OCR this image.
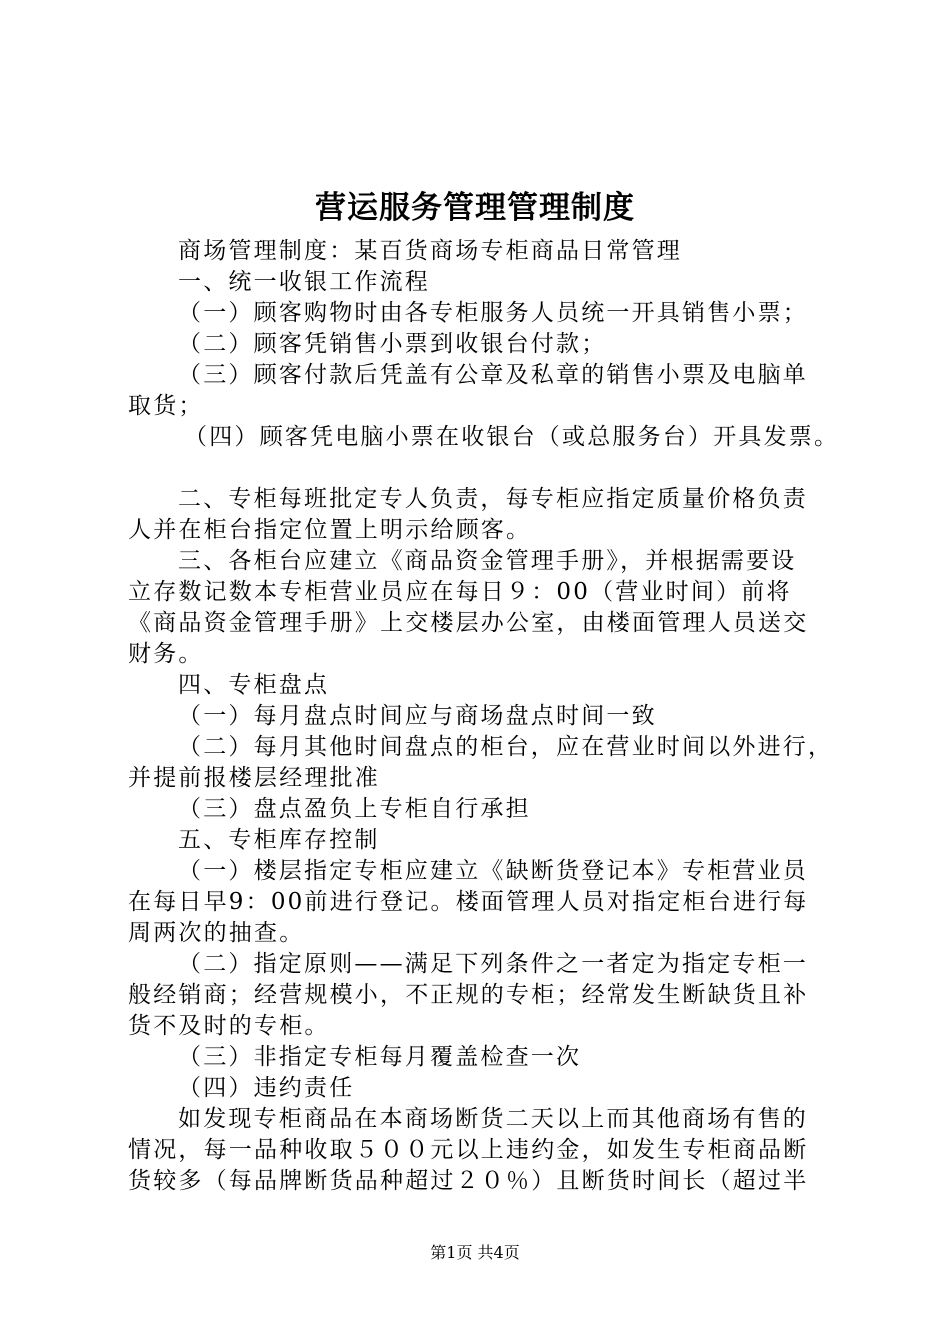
营运服务管理管理制度
商场管理制度：某百货商场专柜商品日常管理
一、统一收银工作流程
（一）顾客购物时由各专柜服务人员统一开具销售小票；
（二）顾客凭销售小票到收银台付款；
（三）顾客付款后凭盖有公章及私章的销售小票及电脑单
取货；
（四）顾客凭电脑小票在收银台（或总服务台）开具发票。
二、专柜每班批定专人负责，每专柜应指定质量价格负责
人并在柜台指定位置上明示给顾客。
三、各柜台应建立《商品资金管理手册》，并根据需要设
立存数记数本专柜营业员应在每日９：00（营业时间）前将
《商品资金管理手册》上交楼层办公室，由楼面管理人员送交
财务。
四、专柜盘点
（一）每月盘点时间应与商场盘点时间一致
（二）每月其他时间盘点的柜台，应在营业时间以外进行，
并提前报楼层经理批准
（三）盘点盈负上专柜自行承担
五、专柜库存控制
（一）楼层指定专柜应建立《缺断货登记本》专柜营业员
在每日早9：00前进行登记。楼面管理人员对指定柜台进行每
周两次的抽查。
（二）指定原则——满足下列条件之一者定为指定专柜一
般经销商；经营规模小，不正规的专柜；经常发生断缺货且补
货不及时的专柜。
（三）非指定专柜每月覆盖检查一次
（四）违约责任
如发现专柜商品在本商场断货二天以上而其他商场有售的
情况，每一品种收取５００元以上违约金，如发生专柜商品断
货较多（每品牌断货品种超过２０％）且断货时间长（超过半
第1页 共4页
